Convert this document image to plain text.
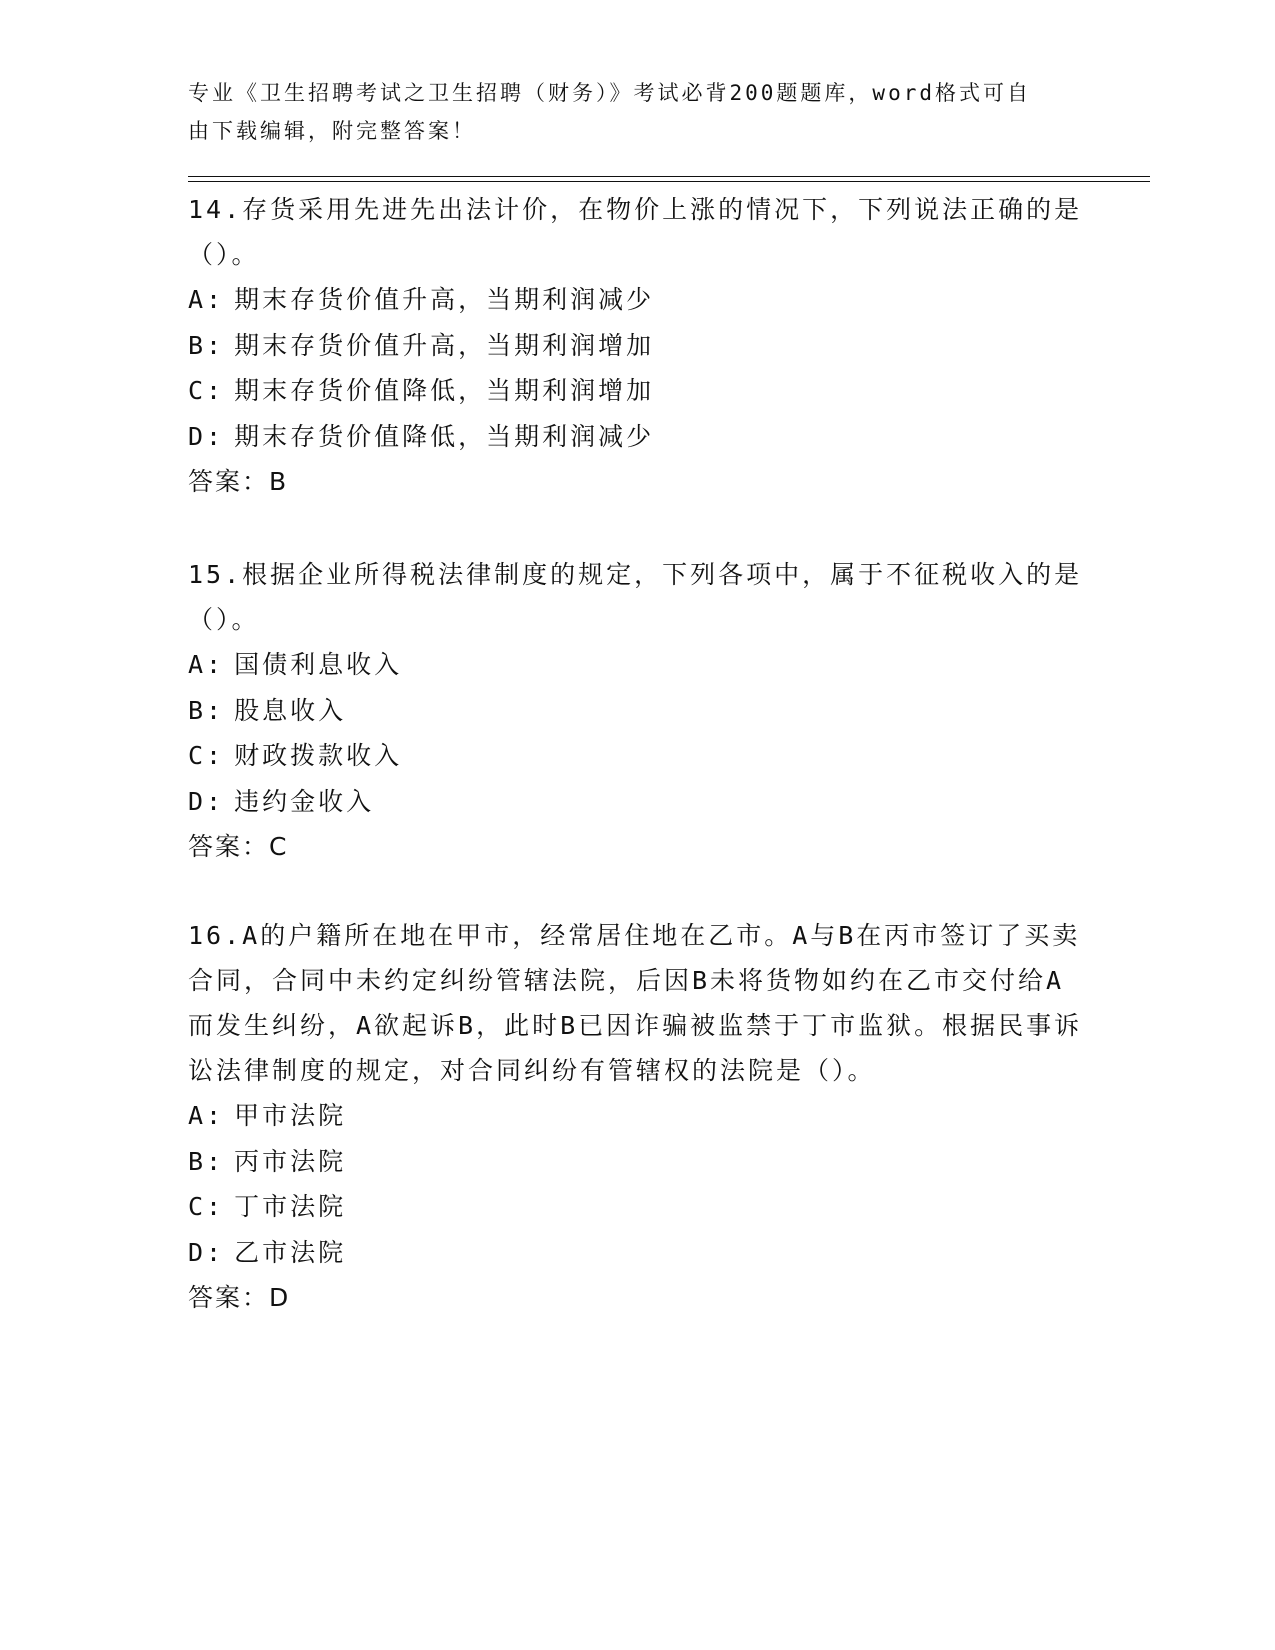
专业《卫生招聘考试之卫生招聘（财务）》考试必背200题题库，word格式可自
由下载编辑，附完整答案！

14.存货采用先进先出法计价，在物价上涨的情况下，下列说法正确的是（）。

A: 期末存货价值升高，当期利润减少

B: 期末存货价值升高，当期利润增加

C: 期末存货价值降低，当期利润增加

D: 期末存货价值降低，当期利润减少

答案：B

15.根据企业所得税法律制度的规定，下列各项中，属于不征税收入的是（）。

A: 国债利息收入

B: 股息收入

C: 财政拨款收入

D: 违约金收入

答案：C

16.A的户籍所在地在甲市，经常居住地在乙市。A与B在丙市签订了买卖合同，合同中未约定纠纷管辖法院，后因B未将货物如约在乙市交付给A而发生纠纷，A欲起诉B，此时B已因诈骗被监禁于丁市监狱。根据民事诉讼法律制度的规定，对合同纠纷有管辖权的法院是（）。

A: 甲市法院

B: 丙市法院

C: 丁市法院

D: 乙市法院

答案：D
